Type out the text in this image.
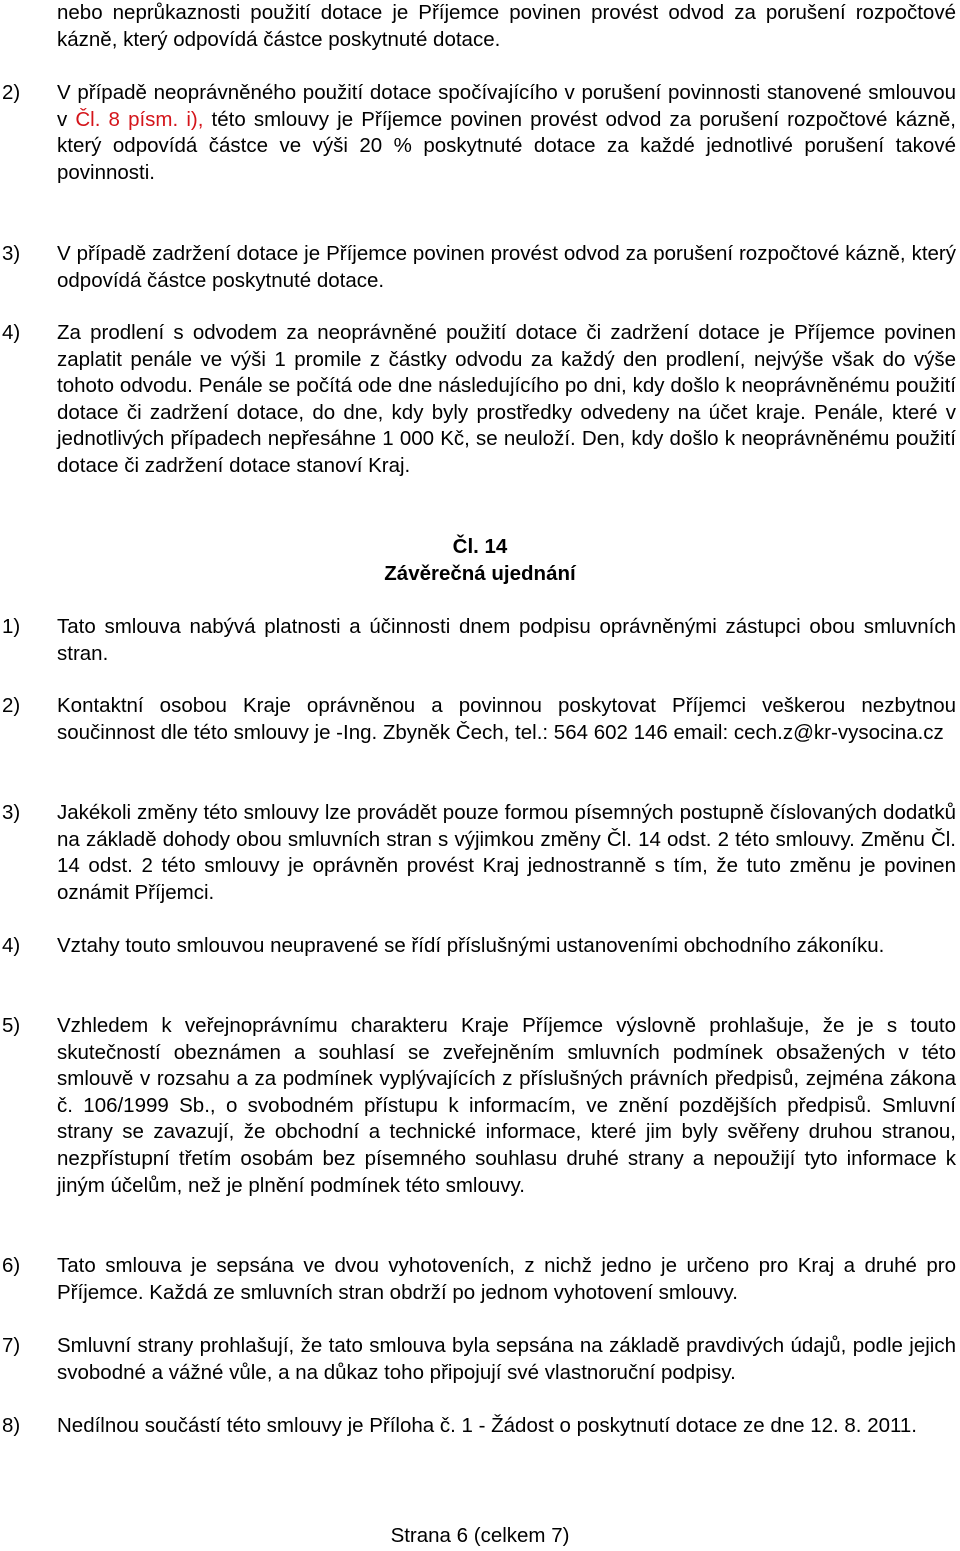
nebo neprůkaznosti použití dotace je Příjemce povinen provést odvod za porušení rozpočtové kázně, který odpovídá částce poskytnuté dotace.
2)	V případě neoprávněného použití dotace spočívajícího v porušení povinnosti stanovené smlouvou v Čl. 8 písm. i), této smlouvy je Příjemce povinen provést odvod za porušení rozpočtové kázně, který odpovídá částce ve výši 20 % poskytnuté dotace za každé jednotlivé porušení takové povinnosti.
3)	V případě zadržení dotace je Příjemce povinen provést odvod za porušení rozpočtové kázně, který odpovídá částce poskytnuté dotace.
4)	Za prodlení s odvodem za neoprávněné použití dotace či zadržení dotace je Příjemce povinen zaplatit penále ve výši 1 promile z částky odvodu za každý den prodlení, nejvýše však do výše tohoto odvodu. Penále se počítá ode dne následujícího po dni, kdy došlo k neoprávněnému použití dotace či zadržení dotace, do dne, kdy byly prostředky odvedeny na účet kraje. Penále, které v jednotlivých případech nepřesáhne 1 000 Kč, se neuloží. Den, kdy došlo k neoprávněnému použití dotace či zadržení dotace stanoví Kraj.
Čl. 14
Závěrečná ujednání
1)	Tato smlouva nabývá platnosti a účinnosti dnem podpisu oprávněnými zástupci obou smluvních stran.
2)	Kontaktní osobou Kraje oprávněnou a povinnou poskytovat Příjemci veškerou nezbytnou součinnost dle této smlouvy je -Ing. Zbyněk Čech, tel.: 564 602 146 email: cech.z@kr-vysocina.cz
3)	Jakékoli změny této smlouvy lze provádět pouze formou písemných postupně číslovaných dodatků na základě dohody obou smluvních stran s výjimkou změny Čl. 14 odst. 2 této smlouvy. Změnu Čl. 14 odst. 2 této smlouvy je oprávněn provést Kraj jednostranně s tím, že tuto změnu je povinen oznámit Příjemci.
4)	Vztahy touto smlouvou neupravené se řídí příslušnými ustanoveními obchodního zákoníku.
5)	Vzhledem k veřejnoprávnímu charakteru Kraje Příjemce výslovně prohlašuje, že je s touto skutečností obeznámen a souhlasí se zveřejněním smluvních podmínek obsažených v této smlouvě v rozsahu a za podmínek vyplývajících z příslušných právních předpisů, zejména zákona č. 106/1999 Sb., o svobodném přístupu k informacím, ve znění pozdějších předpisů. Smluvní strany se zavazují, že obchodní a technické informace, které jim byly svěřeny druhou stranou, nezpřístupní třetím osobám bez písemného souhlasu druhé strany a nepoužijí tyto informace k jiným účelům, než je plnění podmínek této smlouvy.
6)	Tato smlouva je sepsána ve dvou vyhotoveních, z nichž jedno je určeno pro Kraj a druhé pro Příjemce. Každá ze smluvních stran obdrží po jednom vyhotovení smlouvy.
7)	Smluvní strany prohlašují, že tato smlouva byla sepsána na základě pravdivých údajů, podle jejich svobodné a vážné vůle, a na důkaz toho připojují své vlastnoruční podpisy.
8)	Nedílnou součástí této smlouvy je Příloha č. 1 - Žádost o poskytnutí dotace ze dne 12. 8. 2011.
Strana 6 (celkem 7)
